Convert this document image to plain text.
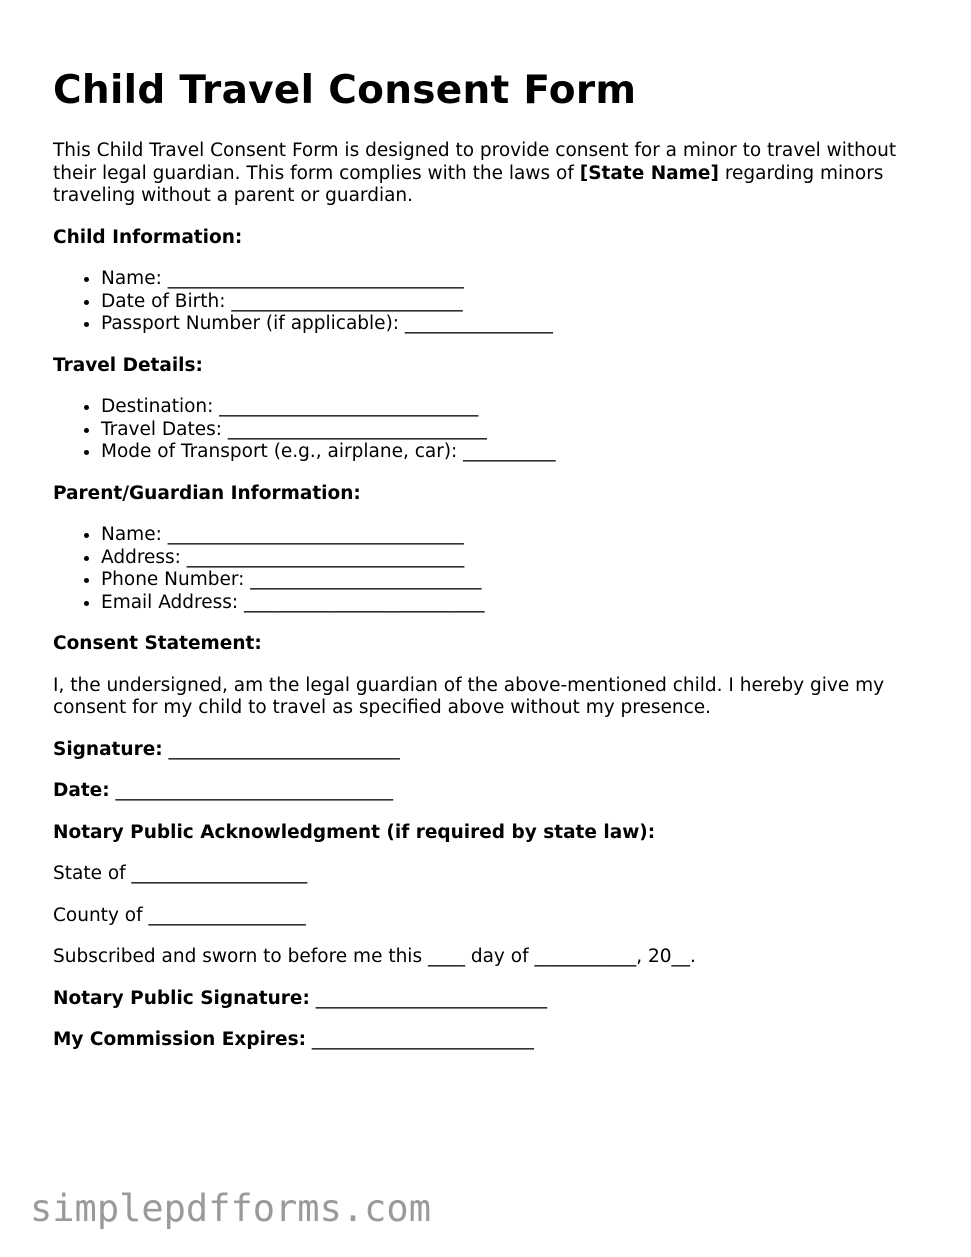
Child Travel Consent Form

This Child Travel Consent Form is designed to provide consent for a minor to travel without their legal guardian. This form complies with the laws of [State Name] regarding minors traveling without a parent or guardian.

Child Information:

• Name: ________________________________
• Date of Birth: _________________________
• Passport Number (if applicable): ________________

Travel Details:

• Destination: ____________________________
• Travel Dates: ____________________________
• Mode of Transport (e.g., airplane, car): __________

Parent/Guardian Information:

• Name: ________________________________
• Address: ______________________________
• Phone Number: _________________________
• Email Address: __________________________

Consent Statement:

I, the undersigned, am the legal guardian of the above-mentioned child. I hereby give my consent for my child to travel as specified above without my presence.

Signature: _________________________

Date: ______________________________

Notary Public Acknowledgment (if required by state law):

State of ___________________

County of _________________

Subscribed and sworn to before me this ____ day of ___________, 20__.

Notary Public Signature: _________________________

My Commission Expires: ________________________

simplepdfforms.com
